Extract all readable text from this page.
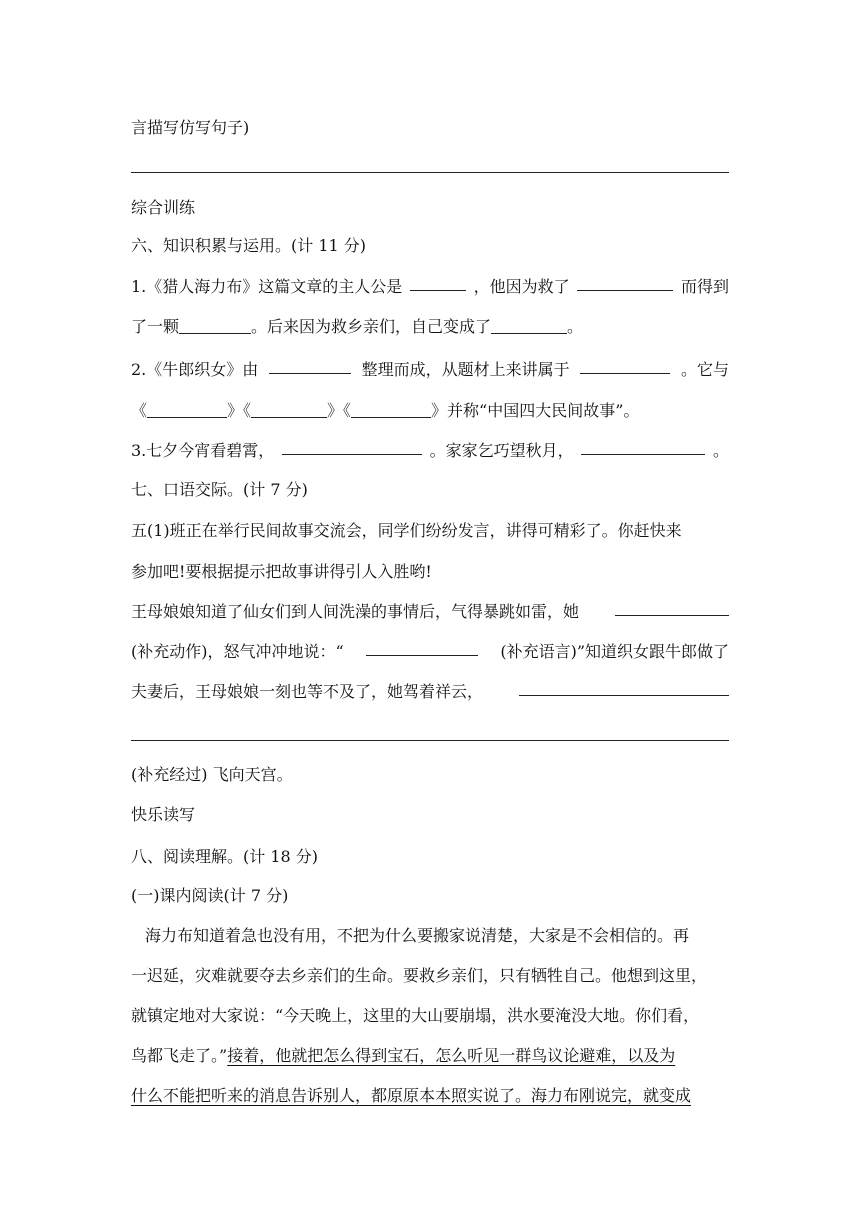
言描写仿写句子)
综合训练
六、知识积累与运用。(计 11 分)
1.《猎人海力布》这篇文章的主人公是	，他因为救了	而得到
了一颗	。后来因为救乡亲们，自己变成了	。
2.《牛郎织女》由	整理而成，从题材上来讲属于	。它与
《	》《	》《	》并称“中国四大民间故事”。
3.七夕今宵看碧霄，	。家家乞巧望秋月，	。
七、口语交际。(计 7 分)
五(1)班正在举行民间故事交流会，同学们纷纷发言，讲得可精彩了。你赶快来
参加吧!要根据提示把故事讲得引人入胜哟!
王母娘娘知道了仙女们到人间洗澡的事情后，气得暴跳如雷，她
(补充动作)，怒气冲冲地说：“	(补充语言)”知道织女跟牛郎做了
夫妻后，王母娘娘一刻也等不及了，她驾着祥云，
(补充经过) 飞向天宫。
快乐读写
八、阅读理解。(计 18 分)
(一)课内阅读(计 7 分)
海力布知道着急也没有用，不把为什么要搬家说清楚，大家是不会相信的。再
一迟延，灾难就要夺去乡亲们的生命。要救乡亲们，只有牺牲自己。他想到这里，
就镇定地对大家说：“今天晚上，这里的大山要崩塌，洪水要淹没大地。你们看，
鸟都飞走了。”接着，他就把怎么得到宝石，怎么听见一群鸟议论避难，以及为
什么不能把听来的消息告诉别人，都原原本本照实说了。海力布刚说完，就变成
